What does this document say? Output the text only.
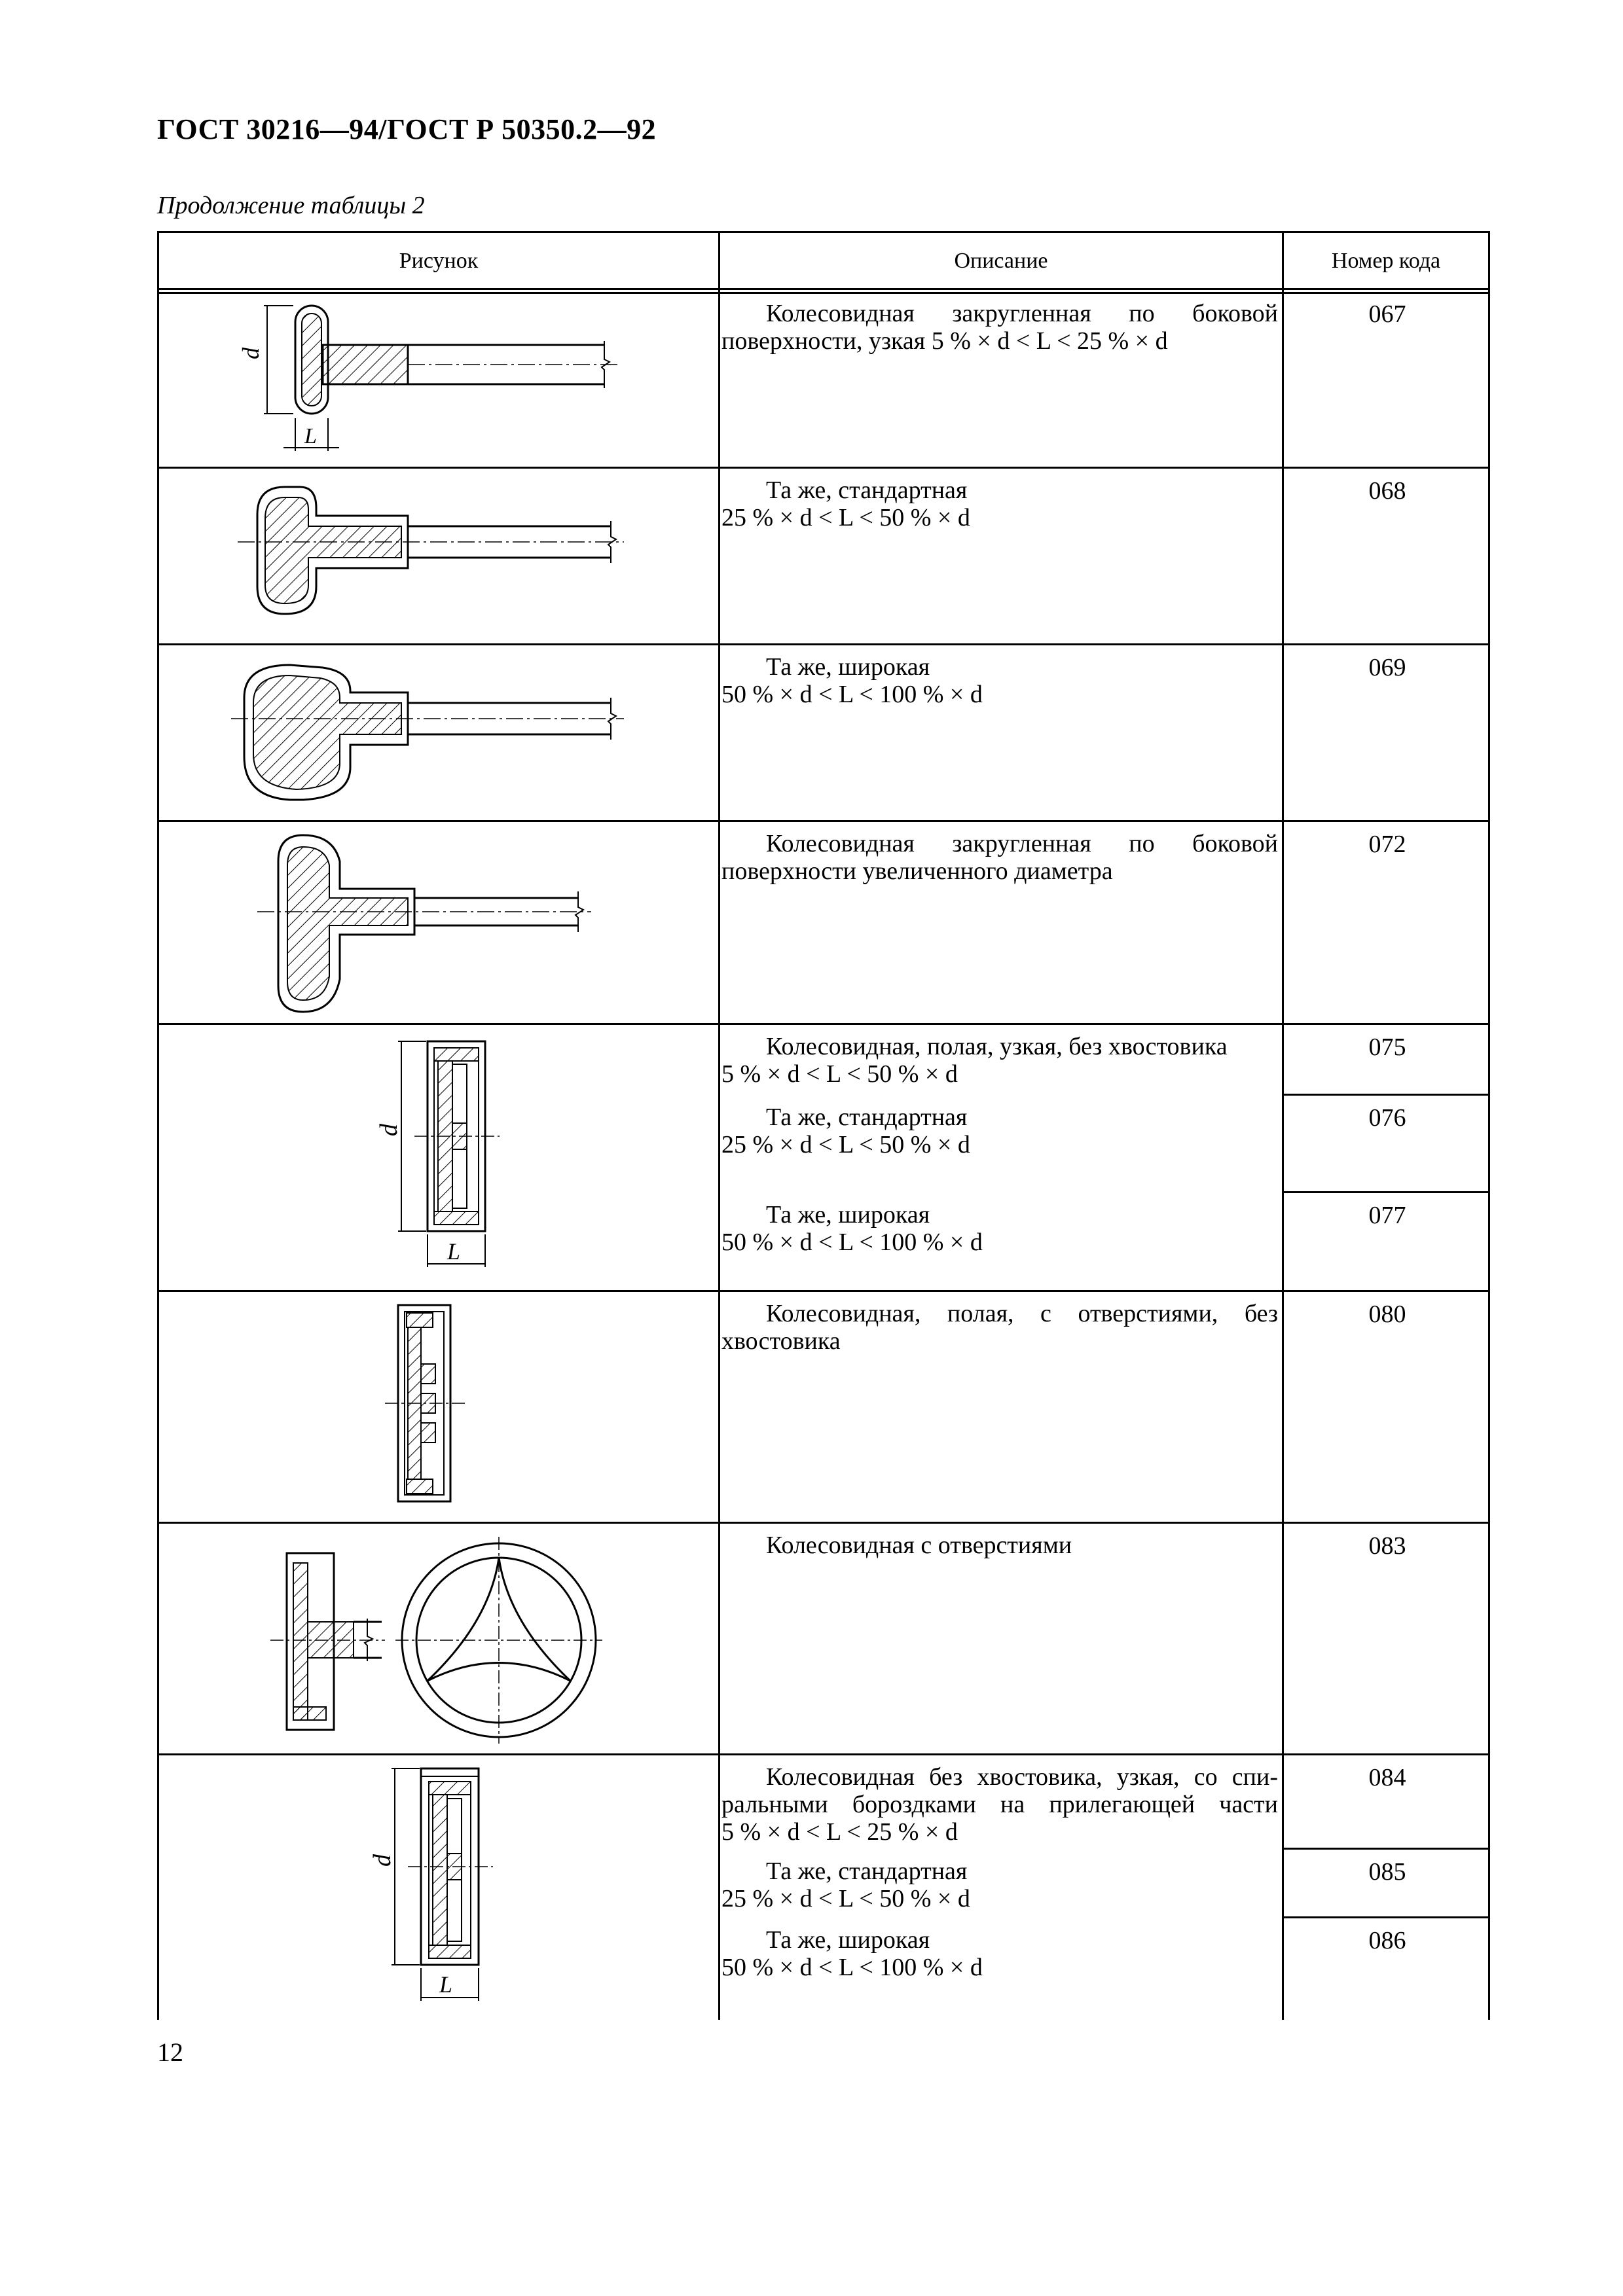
ГОСТ 30216—94/ГОСТ Р 50350.2—92
Продолжение таблицы 2
Рисунок	Описание	Номер кода
Колесовидная закругленная по боковой
поверхности, узкая 5 % × d < L < 25 % × d
Та же, стандартная
25 % × d < L < 50 % × d
Та же, широкая
50 % × d < L < 100 % × d
Колесовидная закругленная по боковой
поверхности увеличенного диаметра
Колесовидная, полая, узкая, без хвостовика
5 % × d < L < 50 % × d
Та же, стандартная
25 % × d < L < 50 % × d
Та же, широкая
50 % × d < L < 100 % × d
Колесовидная, полая, с отверстиями, без
хвостовика
Колесовидная с отверстиями
Колесовидная без хвостовика, узкая, со спи-
ральными бороздками на прилегающей части
5 % × d < L < 25 % × d
Та же, стандартная
25 % × d < L < 50 % × d
Та же, широкая
50 % × d < L < 100 % × d
067
068
069
072
075
076
077
080
083
084
085
086
d
L
d
L
d
L
12
